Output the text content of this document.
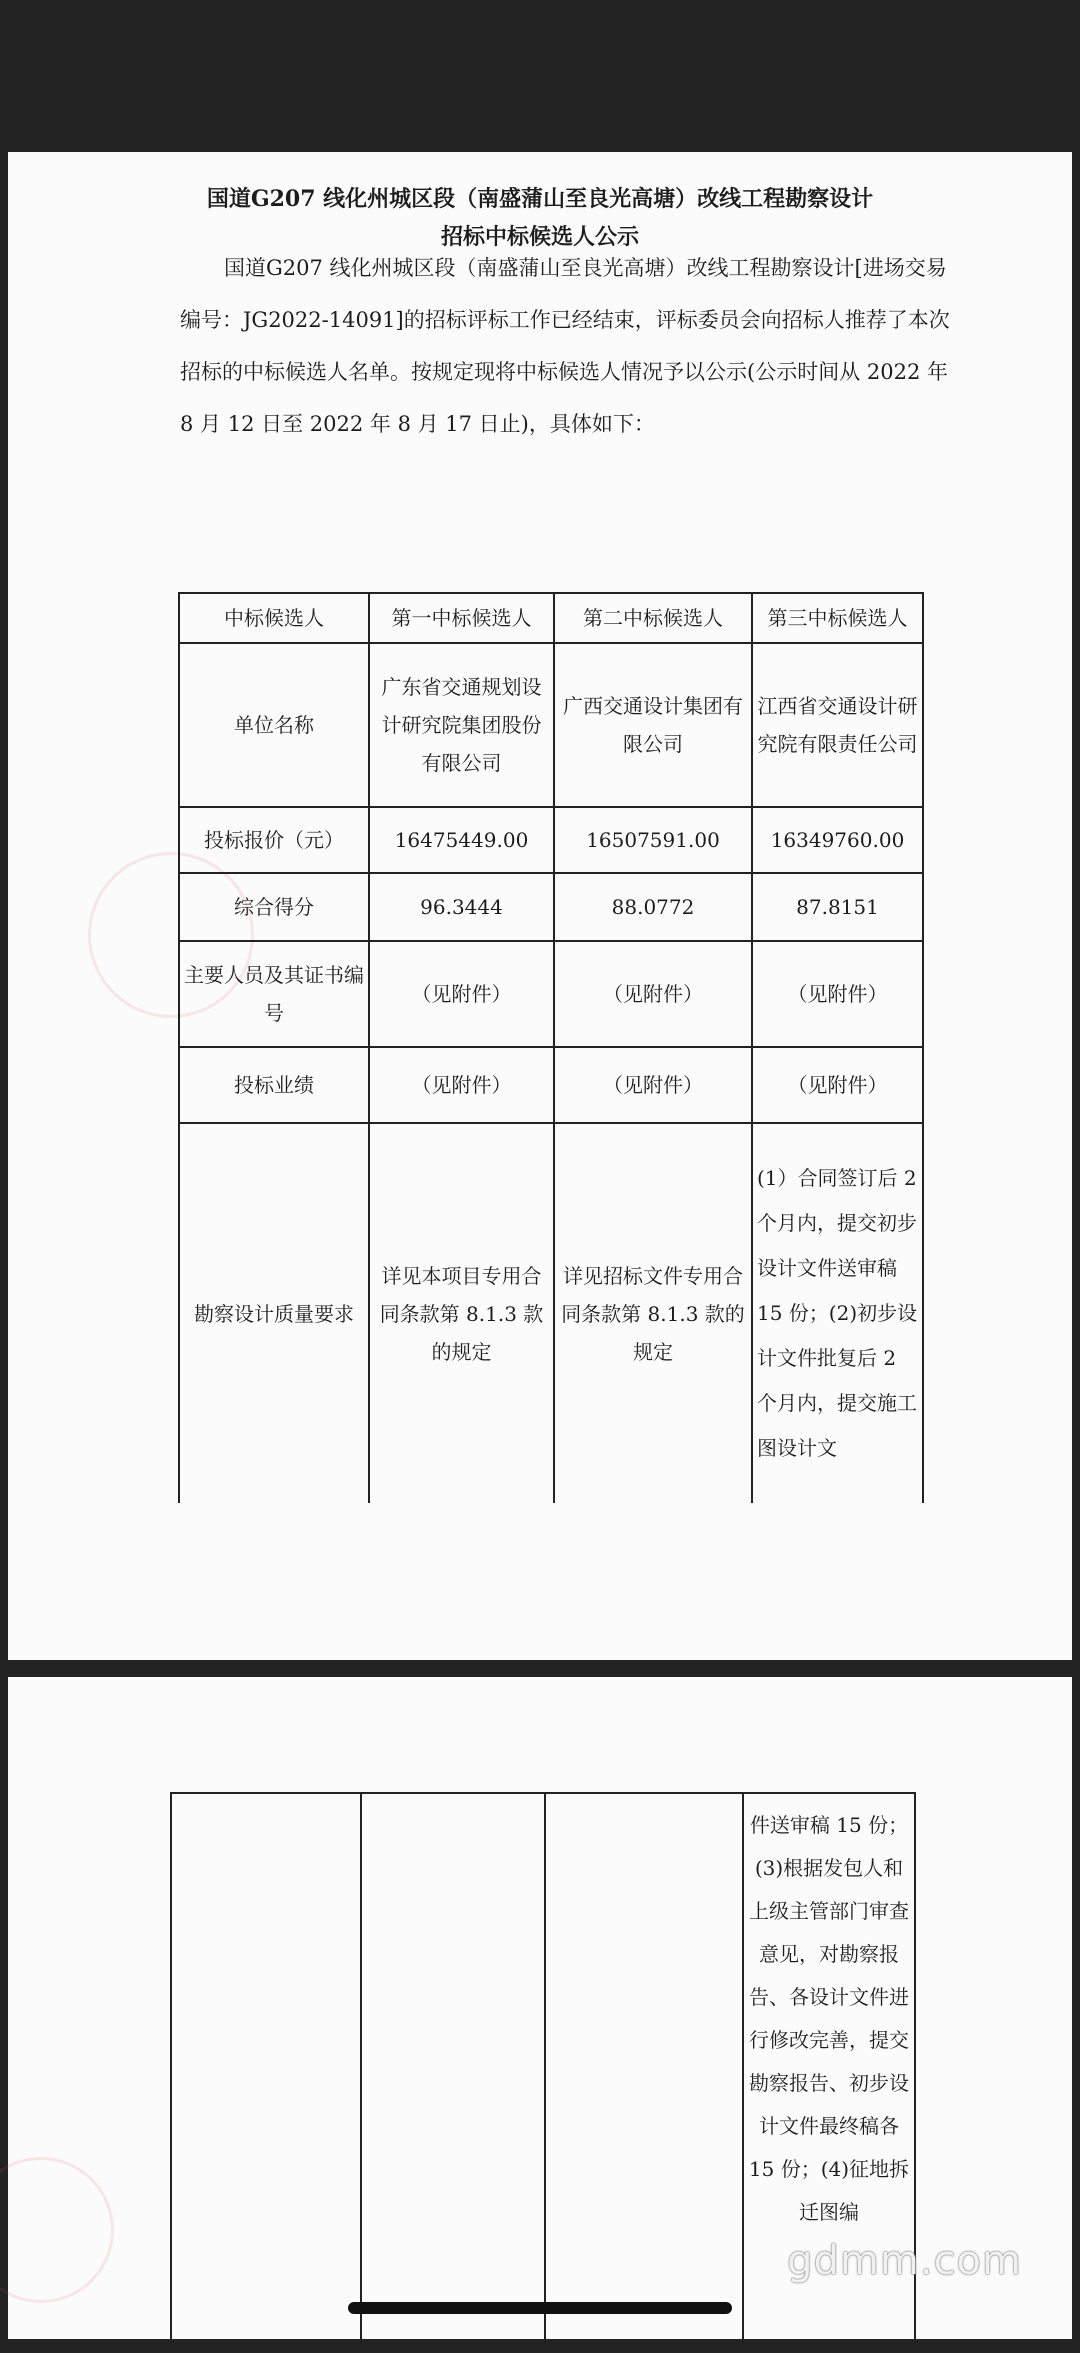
国道G207 线化州城区段（南盛蒲山至良光高塘）改线工程勘察设计
招标中标候选人公示

国道G207 线化州城区段（南盛蒲山至良光高塘）改线工程勘察设计[进场交易编号：JG2022-14091]的招标评标工作已经结束，评标委员会向招标人推荐了本次招标的中标候选人名单。按规定现将中标候选人情况予以公示(公示时间从 2022 年 8 月 12 日至 2022 年 8 月 17 日止)，具体如下：

中标候选人	第一中标候选人	第二中标候选人	第三中标候选人
单位名称	广东省交通规划设计研究院集团股份有限公司	广西交通设计集团有限公司	江西省交通设计研究院有限责任公司
投标报价（元）	16475449.00	16507591.00	16349760.00
综合得分	96.3444	88.0772	87.8151
主要人员及其证书编号	（见附件）	（见附件）	（见附件）
投标业绩	（见附件）	（见附件）	（见附件）
勘察设计质量要求	详见本项目专用合同条款第 8.1.3 款的规定	详见招标文件专用合同条款第 8.1.3 款的规定	(1）合同签订后 2 个月内，提交初步设计文件送审稿 15 份；(2)初步设计文件批复后 2 个月内，提交施工图设计文
			件送审稿 15 份；(3)根据发包人和上级主管部门审查意见，对勘察报告、各设计文件进行修改完善，提交勘察报告、初步设计文件最终稿各 15 份；(4)征地拆迁图编
gdmm.com
